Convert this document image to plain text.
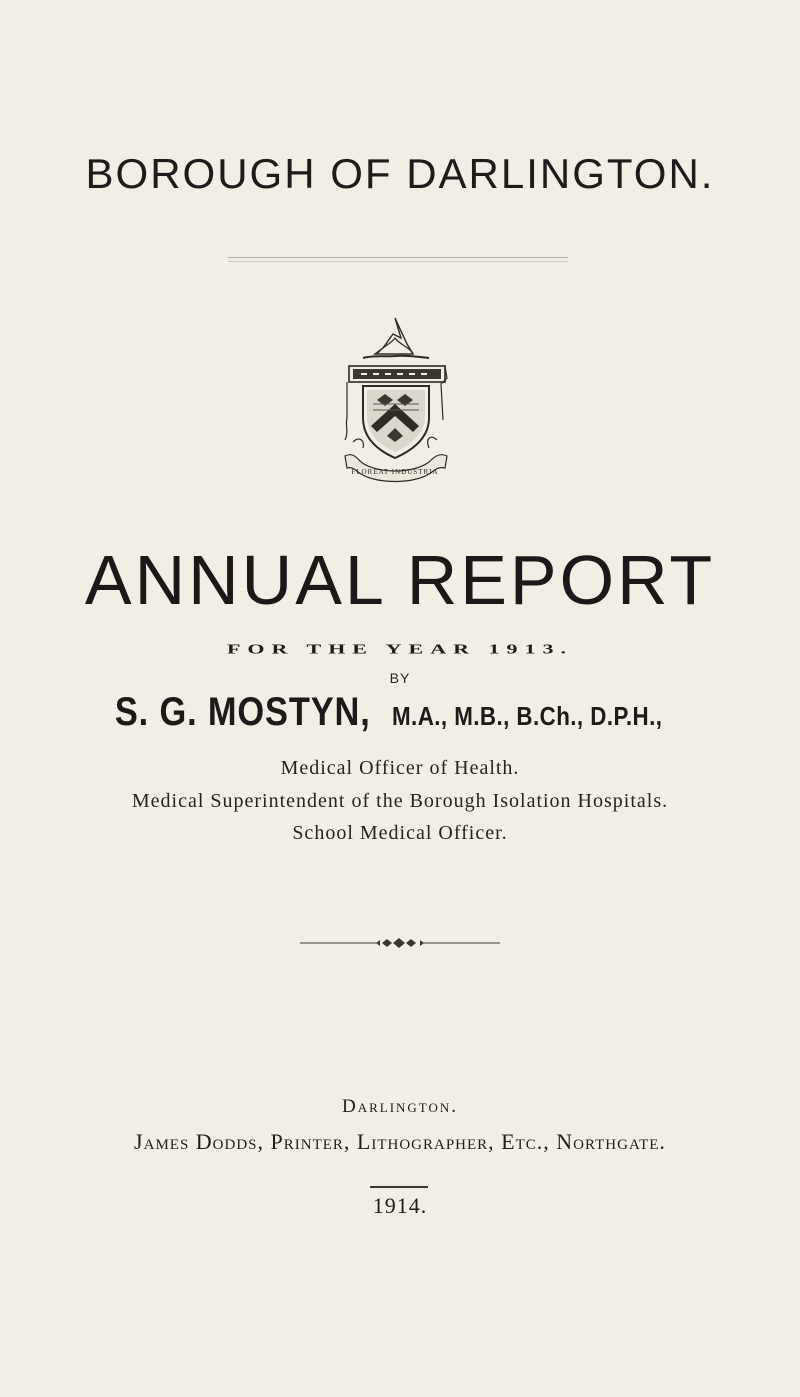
BOROUGH OF DARLINGTON.
FLOREAT INDUSTRIA
ANNUAL REPORT
FOR THE YEAR 1913.
BY
S. G. MOSTYN,M.A., M.B., B.Ch., D.P.H.,
Medical Officer of Health.
Medical Superintendent of the Borough Isolation Hospitals.
School Medical Officer.
Darlington.
James Dodds, Printer, Lithographer, Etc., Northgate.
1914.
